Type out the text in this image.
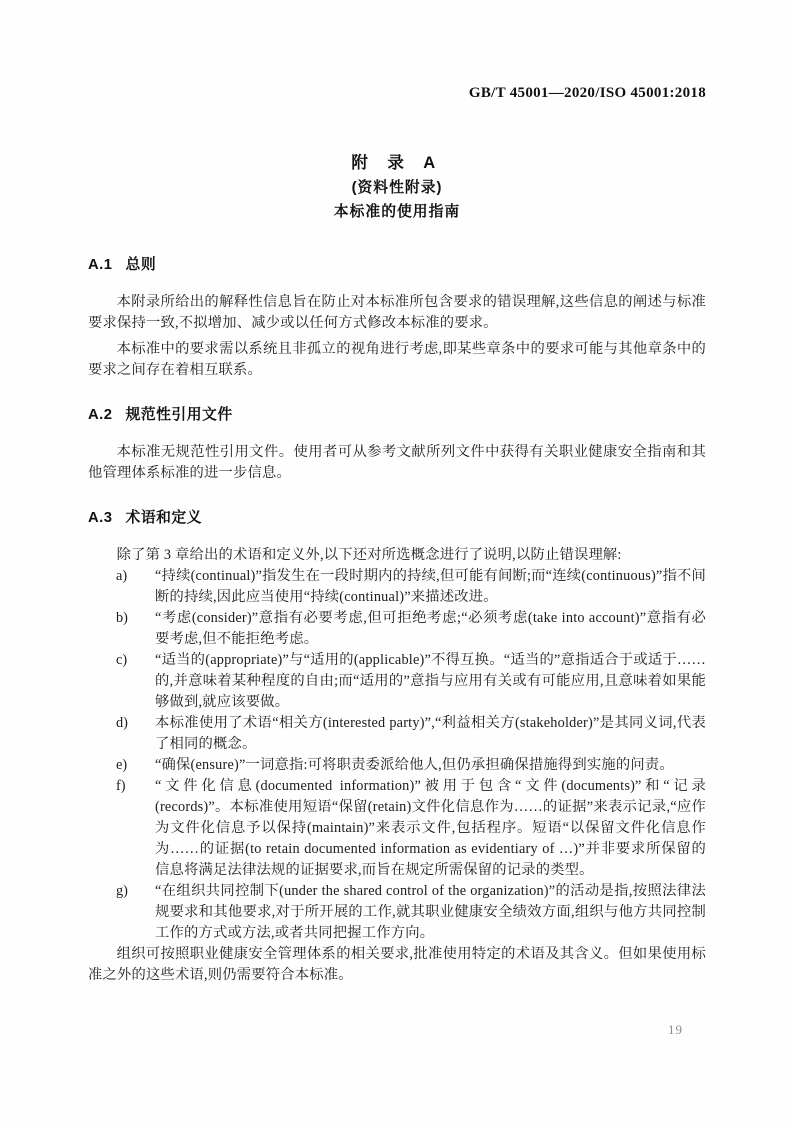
GB/T 45001—2020/ISO 45001:2018
附 录 A
(资料性附录)
本标准的使用指南
A.1 总则

本附录所给出的解释性信息旨在防止对本标准所包含要求的错误理解,这些信息的阐述与标准要求保持一致,不拟增加、减少或以任何方式修改本标准的要求。

本标准中的要求需以系统且非孤立的视角进行考虑,即某些章条中的要求可能与其他章条中的要求之间存在着相互联系。

A.2 规范性引用文件

本标准无规范性引用文件。使用者可从参考文献所列文件中获得有关职业健康安全指南和其他管理体系标准的进一步信息。

A.3 术语和定义

除了第 3 章给出的术语和定义外,以下还对所选概念进行了说明,以防止错误理解:

a)	“持续(continual)”指发生在一段时期内的持续,但可能有间断;而“连续(continuous)”指不间断的持续,因此应当使用“持续(continual)”来描述改进。
b)	“考虑(consider)”意指有必要考虑,但可拒绝考虑;“必须考虑(take into account)”意指有必要考虑,但不能拒绝考虑。
c)	“适当的(appropriate)”与“适用的(applicable)”不得互换。“适当的”意指适合于或适于……的,并意味着某种程度的自由;而“适用的”意指与应用有关或有可能应用,且意味着如果能够做到,就应该要做。
d)	本标准使用了术语“相关方(interested party)”,“利益相关方(stakeholder)”是其同义词,代表了相同的概念。
e)	“确保(ensure)”一词意指:可将职责委派给他人,但仍承担确保措施得到实施的问责。
f)	“文件化信息(documented information)”被用于包含“文件(documents)”和“记录(records)”。本标准使用短语“保留(retain)文件化信息作为……的证据”来表示记录,“应作为文件化信息予以保持(maintain)”来表示文件,包括程序。短语“以保留文件化信息作为……的证据(to retain documented information as evidentiary of …)”并非要求所保留的信息将满足法律法规的证据要求,而旨在规定所需保留的记录的类型。
g)	“在组织共同控制下(under the shared control of the organization)”的活动是指,按照法律法规要求和其他要求,对于所开展的工作,就其职业健康安全绩效方面,组织与他方共同控制工作的方式或方法,或者共同把握工作方向。

组织可按照职业健康安全管理体系的相关要求,批准使用特定的术语及其含义。但如果使用标准之外的这些术语,则仍需要符合本标准。

19
